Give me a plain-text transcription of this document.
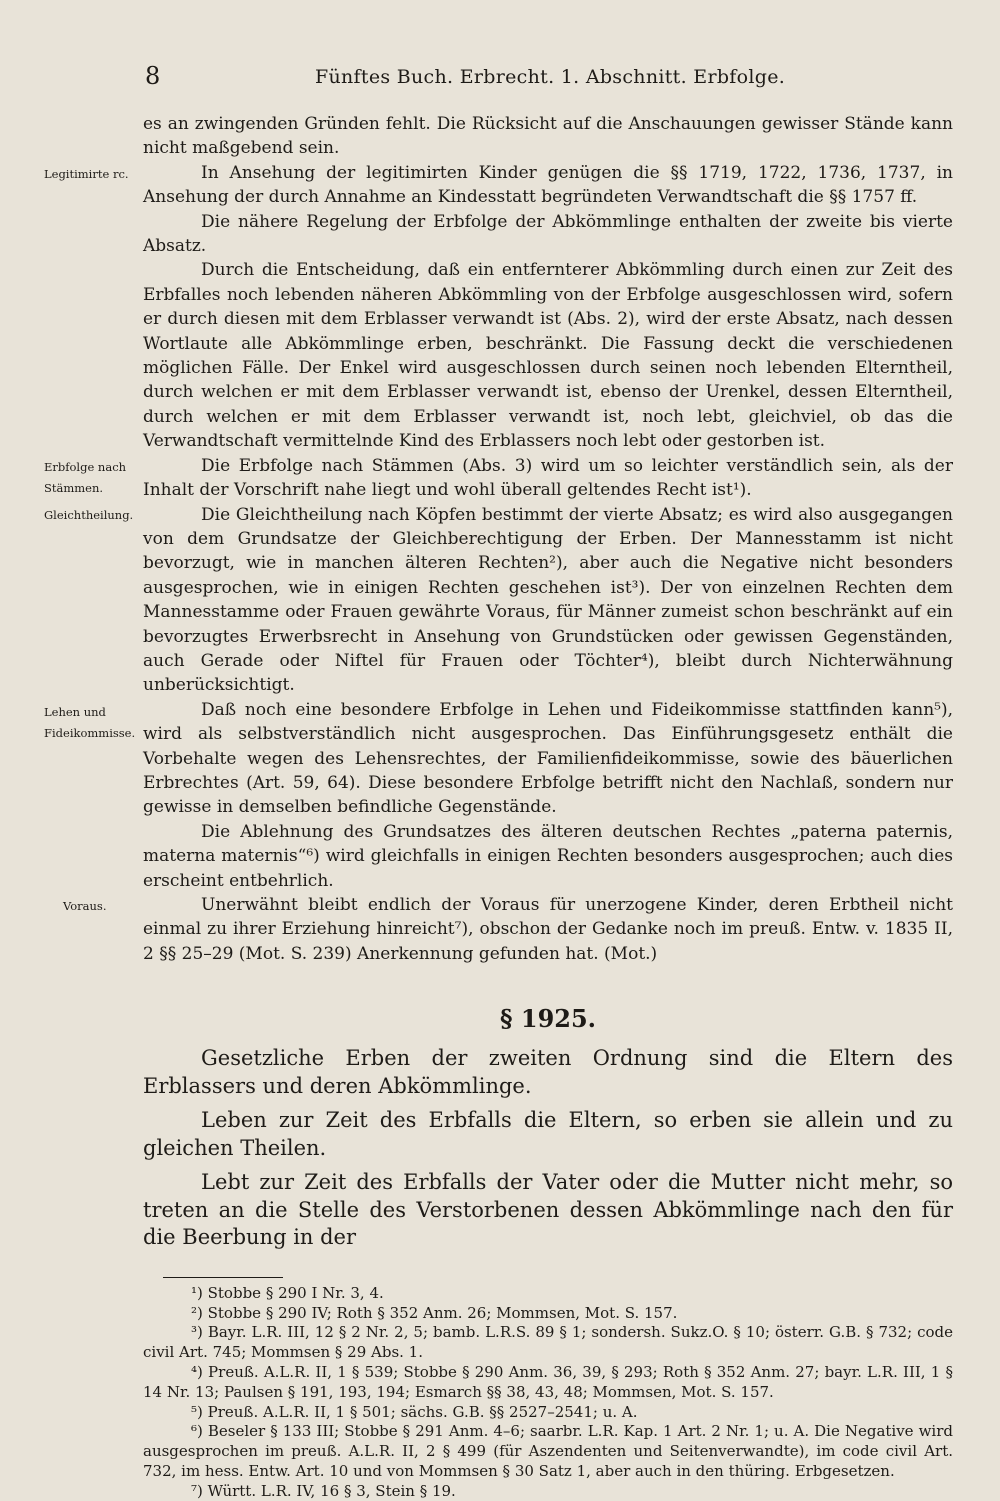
8	Fünftes Buch. Erbrecht. 1. Abschnitt. Erbfolge.

es an zwingenden Gründen fehlt. Die Rücksicht auf die Anschauungen gewisser Stände kann nicht maßgebend sein.

Legitimirte rc.	In Ansehung der legitimirten Kinder genügen die §§ 1719, 1722, 1736, 1737, in Ansehung der durch Annahme an Kindesstatt begründeten Verwandtschaft die §§ 1757 ff.

Die nähere Regelung der Erbfolge der Abkömmlinge enthalten der zweite bis vierte Absatz.

Durch die Entscheidung, daß ein entfernterer Abkömmling durch einen zur Zeit des Erbfalles noch lebenden näheren Abkömmling von der Erbfolge ausgeschlossen wird, sofern er durch diesen mit dem Erblasser verwandt ist (Abs. 2), wird der erste Absatz, nach dessen Wortlaute alle Abkömmlinge erben, beschränkt. Die Fassung deckt die verschiedenen möglichen Fälle. Der Enkel wird ausgeschlossen durch seinen noch lebenden Elterntheil, durch welchen er mit dem Erblasser verwandt ist, ebenso der Urenkel, dessen Elterntheil, durch welchen er mit dem Erblasser verwandt ist, noch lebt, gleichviel, ob das die Verwandtschaft vermittelnde Kind des Erblassers noch lebt oder gestorben ist.

Erbfolge nach Stämmen.

Die Erbfolge nach Stämmen (Abs. 3) wird um so leichter verständlich sein, als der Inhalt der Vorschrift nahe liegt und wohl überall geltendes Recht ist¹).

Gleichtheilung.	Die Gleichtheilung nach Köpfen bestimmt der vierte Absatz; es wird also ausgegangen von dem Grundsatze der Gleichberechtigung der Erben. Der Mannesstamm ist nicht bevorzugt, wie in manchen älteren Rechten²), aber auch die Negative nicht besonders ausgesprochen, wie in einigen Rechten geschehen ist³). Der von einzelnen Rechten dem Mannesstamme oder Frauen gewährte Voraus, für Männer zumeist schon beschränkt auf ein bevorzugtes Erwerbsrecht in Ansehung von Grundstücken oder gewissen Gegenständen, auch Gerade oder Niftel für Frauen oder Töchter⁴), bleibt durch Nichterwähnung unberücksichtigt.

Lehen und Fideikommisse.

Daß noch eine besondere Erbfolge in Lehen und Fideikommisse stattfinden kann⁵), wird als selbstverständlich nicht ausgesprochen. Das Einführungsgesetz enthält die Vorbehalte wegen des Lehensrechtes, der Familienfideikommisse, sowie des bäuerlichen Erbrechtes (Art. 59, 64). Diese besondere Erbfolge betrifft nicht den Nachlaß, sondern nur gewisse in demselben befindliche Gegenstände.

Die Ablehnung des Grundsatzes des älteren deutschen Rechtes „paterna paternis, materna maternis“⁶) wird gleichfalls in einigen Rechten besonders ausgesprochen; auch dies erscheint entbehrlich.

Voraus.	Unerwähnt bleibt endlich der Voraus für unerzogene Kinder, deren Erbtheil nicht einmal zu ihrer Erziehung hinreicht⁷), obschon der Gedanke noch im preuß. Entw. v. 1835 II, 2 §§ 25–29 (Mot. S. 239) Anerkennung gefunden hat. (Mot.)

§ 1925.

Gesetzliche Erben der zweiten Ordnung sind die Eltern des Erblassers und deren Abkömmlinge.

Leben zur Zeit des Erbfalls die Eltern, so erben sie allein und zu gleichen Theilen.

Lebt zur Zeit des Erbfalls der Vater oder die Mutter nicht mehr, so treten an die Stelle des Verstorbenen dessen Abkömmlinge nach den für die Beerbung in der

¹) Stobbe § 290 I Nr. 3, 4.

²) Stobbe § 290 IV; Roth § 352 Anm. 26; Mommsen, Mot. S. 157.

³) Bayr. L.R. III, 12 § 2 Nr. 2, 5; bamb. L.R.S. 89 § 1; sondersh. Sukz.O. § 10; österr. G.B. § 732; code civil Art. 745; Mommsen § 29 Abs. 1.

⁴) Preuß. A.L.R. II, 1 § 539; Stobbe § 290 Anm. 36, 39, § 293; Roth § 352 Anm. 27; bayr. L.R. III, 1 § 14 Nr. 13; Paulsen § 191, 193, 194; Esmarch §§ 38, 43, 48; Mommsen, Mot. S. 157.

⁵) Preuß. A.L.R. II, 1 § 501; sächs. G.B. §§ 2527–2541; u. A.

⁶) Beseler § 133 III; Stobbe § 291 Anm. 4–6; saarbr. L.R. Kap. 1 Art. 2 Nr. 1; u. A. Die Negative wird ausgesprochen im preuß. A.L.R. II, 2 § 499 (für Aszendenten und Seitenverwandte), im code civil Art. 732, im hess. Entw. Art. 10 und von Mommsen § 30 Satz 1, aber auch in den thüring. Erbgesetzen.

⁷) Württ. L.R. IV, 16 § 3, Stein § 19.
